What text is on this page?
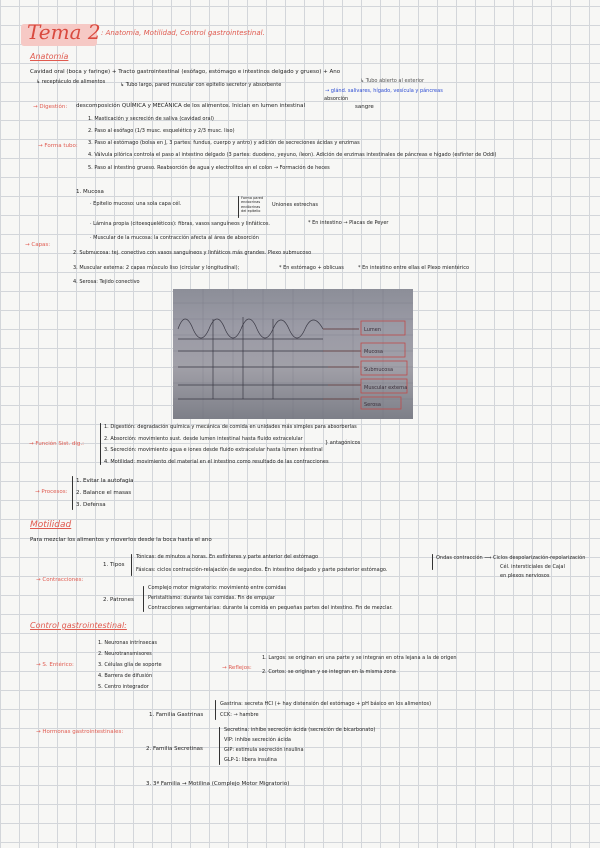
Tema 2 : Anatomía, Motilidad, Control gastrointestinal.
Anatomía
Cavidad oral (boca y faringe) + Tracto gastrointestinal (esófago, estómago e intestinos delgado y grueso) + Ano
↳ Tubo abierto al exterior
↳ receptáculo de alimentos	↳ Tubo largo, pared muscular con epitelio secretor y absorbente
→ glánd. salivares, hígado, vesícula y páncreas
→ Digestión: descomposición QUÍMICA y MECÁNICA de los alimentos. Inician en lumen intestinal
absorción
sangre
→ Forma tubo:
1. Masticación y secreción de saliva (cavidad oral)
2. Paso al esófago (1/3 musc. esquelético y 2/3 musc. liso)
3. Paso al estómago (bolsa en J, 3 partes: fundus, cuerpo y antro) y adición de secreciones ácidas y enzimas
4. Válvula pilórica controla el paso al intestino delgado (3 partes: duodeno, yeyuno, íleon). Adición de enzimas intestinales de páncreas e hígado (esfínter de Oddi)
5. Paso al intestino grueso. Reabsorción de agua y electrolitos en el colon → Formación de heces
1. Mucosa
· Epitelio mucoso: una sola capa cél.
Forma pared
endocrinas
endócrinas
del epitelio
Uniones estrechas
· Lámina propia (citoesqueléticos): fibras, vasos sanguíneos y linfáticos.	* En intestino → Placas de Peyer
· Muscular de la mucosa: la contracción afecta al área de absorción
→ Capas:
2. Submucosa: tej. conectivo con vasos sanguíneos y linfáticos más grandes. Plexo submucoso
3. Muscular externa: 2 capas músculo liso (circular y longitudinal);	* En estómago + oblicuas	* En intestino entre ellas el Plexo mientérico
4. Serosa: Tejido conectivo
Lumen
Mucosa
Submucosa
Muscular externa
Serosa
→ Función Sist. dig.:
1. Digestión: degradación química y mecánica de comida en unidades más simples para absorberlas
2. Absorción: movimiento sust. desde lumen intestinal hasta fluido extracelular
3. Secreción: movimiento agua e iones desde fluido extracelular hasta lumen intestinal
4. Motilidad: movimiento del material en el intestino como resultado de las contracciones
} antagónicos
→ Procesos:
1. Evitar la autofagia
2. Balance el masas
3. Defensa
Motilidad
Para mezclar los alimentos y moverlos desde la boca hasta el ano
→ Contracciones:
1. Tipos
Tónicas: de minutos a horas. En esfínteres y parte anterior del estómago
Fásicas: ciclos contracción-relajación de segundos. En intestino delgado y parte posterior estómago.
Ondas contracción ⟹ Ciclos despolarización-repolarización
Cél. intersticiales de Cajal
en plexos nerviosos
2. Patrones
Complejo motor migratorio: movimiento entre comidas
Peristaltismo: durante las comidas. Fin de empujar
Contracciones segmentarias: durante la comida en pequeñas partes del intestino. Fin de mezclar.
Control gastrointestinal:
→ S. Entérico:
1. Neuronas intrínsecas
2. Neurotransmisores
3. Células glía de soporte
4. Barrera de difusión
5. Centro integrador
→ Reflejos:
1. Largos: se originan en una parte y se integran en otra lejana a la de origen
2. Cortos: se originan y se integran en la misma zona
→ Hormonas gastrointestinales:
1. Familia Gastrinas
Gastrina: secreta HCl (+ hay distensión del estómago + pH básico en los alimentos)
CCK: → hambre
2. Familia Secretinas
Secretina: inhibe secreción ácida (secreción de bicarbonato)
VIP: inhibe secreción ácida
GIP: estimula secreción insulina
GLP-1: libera insulina
3. 3ª Familia → Motilina (Complejo Motor Migratorio)
